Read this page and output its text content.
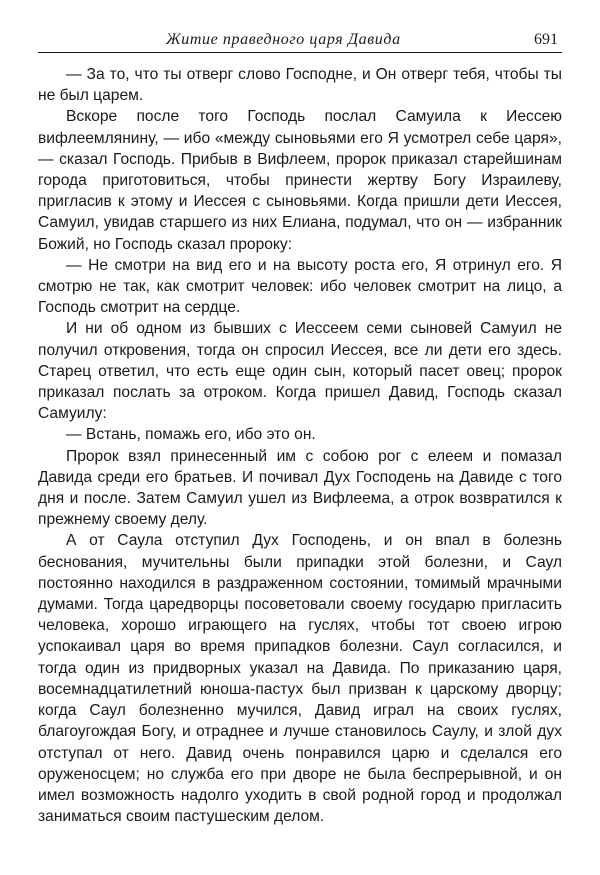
Житие праведного царя Давида	691

— За то, что ты отверг слово Господне, и Он отверг тебя, чтобы ты не был царем.

Вскоре после того Господь послал Самуила к Иессею вифлеемлянину, — ибо «между сыновьями его Я усмотрел себе царя», — сказал Господь. Прибыв в Вифлеем, пророк приказал старейшинам города приготовиться, чтобы принести жертву Богу Израилеву, пригласив к этому и Иессея с сыновьями. Когда пришли дети Иессея, Самуил, увидав старшего из них Елиана, подумал, что он — избранник Божий, но Господь сказал пророку:

— Не смотри на вид его и на высоту роста его, Я отринул его. Я смотрю не так, как смотрит человек: ибо человек смотрит на лицо, а Господь смотрит на сердце.

И ни об одном из бывших с Иессеем семи сыновей Самуил не получил откровения, тогда он спросил Иессея, все ли дети его здесь. Старец ответил, что есть еще один сын, который пасет овец; пророк приказал послать за отроком. Когда пришел Давид, Господь сказал Самуилу:

— Встань, помажь его, ибо это он.

Пророк взял принесенный им с собою рог с елеем и помазал Давида среди его братьев. И почивал Дух Господень на Давиде с того дня и после. Затем Самуил ушел из Вифлеема, а отрок возвратился к прежнему своему делу.

А от Саула отступил Дух Господень, и он впал в болезнь беснования, мучительны были припадки этой болезни, и Саул постоянно находился в раздраженном состоянии, томимый мрачными думами. Тогда царедворцы посоветовали своему государю пригласить человека, хорошо играющего на гуслях, чтобы тот своею игрою успокаивал царя во время припадков болезни. Саул согласился, и тогда один из придворных указал на Давида. По приказанию царя, восемнадцатилетний юноша-пастух был призван к царскому дворцу; когда Саул болезненно мучился, Давид играл на своих гуслях, благоугождая Богу, и отраднее и лучше становилось Саулу, и злой дух отступал от него. Давид очень понравился царю и сделался его оруженосцем; но служба его при дворе не была беспрерывной, и он имел возможность надолго уходить в свой родной город и продолжал заниматься своим пастушеским делом.
